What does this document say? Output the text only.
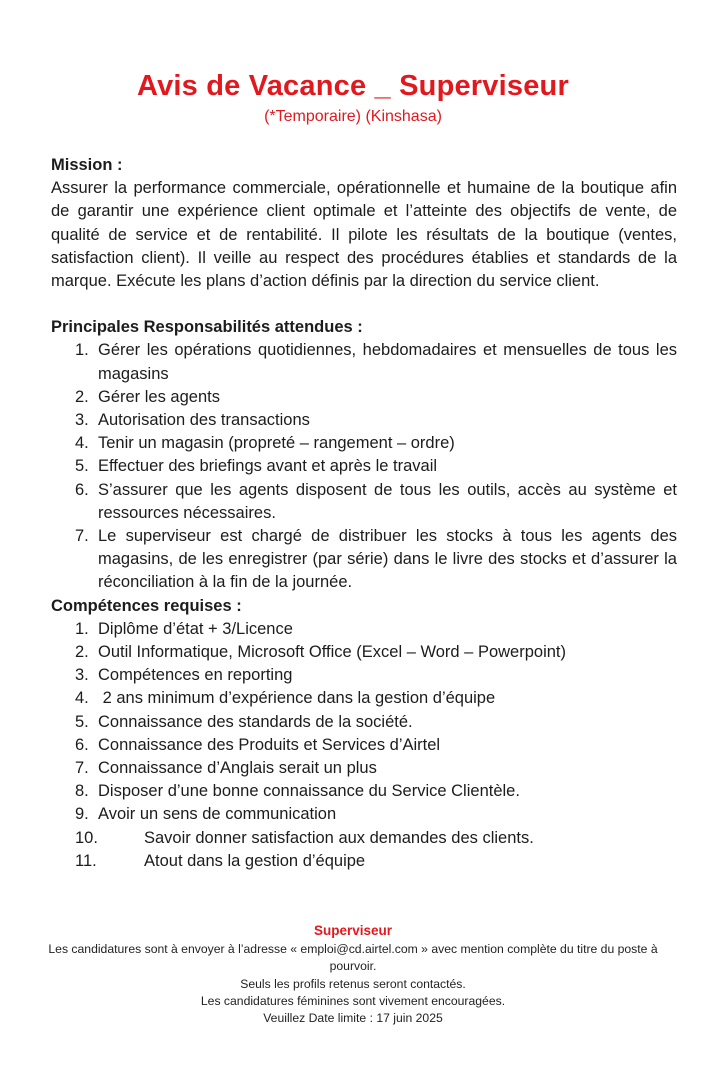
Avis de Vacance _ Superviseur
(*Temporaire) (Kinshasa)
Mission :

Assurer la performance commerciale, opérationnelle et humaine de la boutique afin de garantir une expérience client optimale et l’atteinte des objectifs de vente, de qualité de service et de rentabilité. Il pilote les résultats de la boutique (ventes, satisfaction client). Il veille au respect des procédures établies et standards de la marque. Exécute les plans d’action définis par la direction du service client.

Principales Responsabilités attendues :
1. Gérer les opérations quotidiennes, hebdomadaires et mensuelles de tous les magasins
2. Gérer les agents
3. Autorisation des transactions
4. Tenir un magasin (propreté – rangement – ordre)
5. Effectuer des briefings avant et après le travail
6. S’assurer que les agents disposent de tous les outils, accès au système et ressources nécessaires.
7. Le superviseur est chargé de distribuer les stocks à tous les agents des magasins, de les enregistrer (par série) dans le livre des stocks et d’assurer la réconciliation à la fin de la journée.
Compétences requises :
1. Diplôme d’état + 3/Licence
2. Outil Informatique, Microsoft Office (Excel – Word – Powerpoint)
3. Compétences en reporting
4. 2 ans minimum d’expérience dans la gestion d’équipe
5. Connaissance des standards de la société.
6. Connaissance des Produits et Services d’Airtel
7. Connaissance d’Anglais serait un plus
8. Disposer d’une bonne connaissance du Service Clientèle.
9. Avoir un sens de communication
10.	Savoir donner satisfaction aux demandes des clients.
11.	Atout dans la gestion d’équipe
Superviseur
Les candidatures sont à envoyer à l’adresse « emploi@cd.airtel.com » avec mention complète du titre du poste à pourvoir.
Seuls les profils retenus seront contactés.
Les candidatures féminines sont vivement encouragées.
Veuillez Date limite : 17 juin 2025
